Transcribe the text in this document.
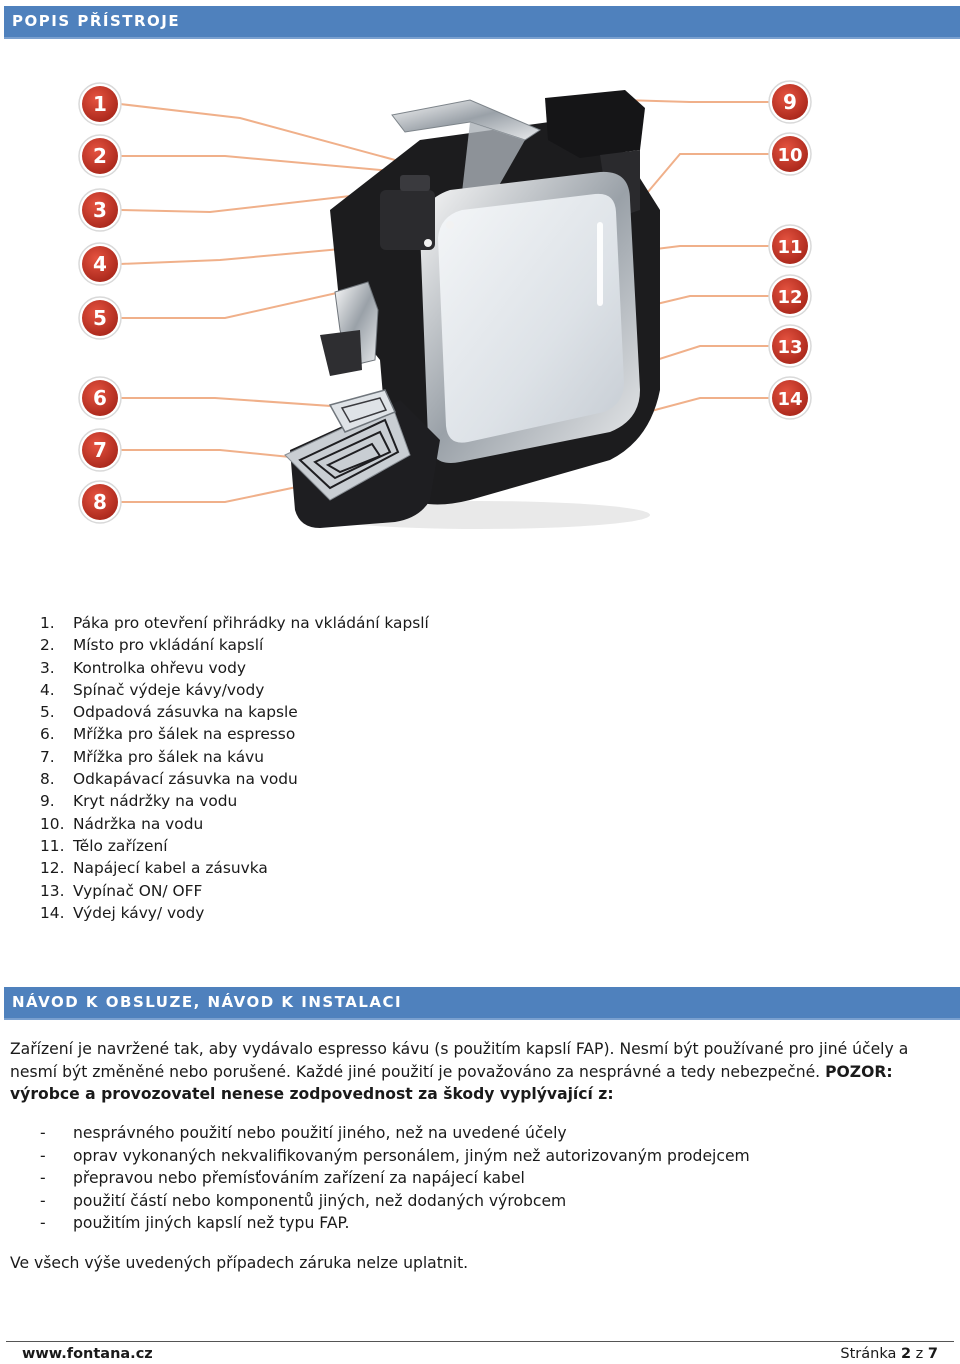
POPIS PŘÍSTROJE
1
2
3
4
5
6
7
8
9
10
11
12
13
14
1. Páka pro otevření přihrádky na vkládání kapslí
2. Místo pro vkládání kapslí
3. Kontrolka ohřevu vody
4. Spínač výdeje kávy/vody
5. Odpadová zásuvka na kapsle
6. Mřížka pro šálek na espresso
7. Mřížka pro šálek na kávu
8. Odkapávací zásuvka na vodu
9. Kryt nádržky na vodu
10. Nádržka na vodu
11. Tělo zařízení
12. Napájecí kabel a zásuvka
13. Vypínač ON/ OFF
14. Výdej kávy/ vody
NÁVOD K OBSLUZE, NÁVOD K INSTALACI

Zařízení je navržené tak, aby vydávalo espresso kávu (s použitím kapslí FAP). Nesmí být používané pro jiné účely a nesmí být změněné nebo porušené. Každé jiné použití je považováno za nesprávné a tedy nebezpečné. POZOR: výrobce a provozovatel nenese zodpovednost za škody vyplývající z:

- nesprávného použití nebo použití jiného, než na uvedené účely
- oprav vykonaných nekvalifikovaným personálem, jiným než autorizovaným prodejcem
- přepravou nebo přemísťováním zařízení za napájecí kabel
- použití částí nebo komponentů jiných, než dodaných výrobcem
- použitím jiných kapslí než typu FAP.

Ve všech výše uvedených případech záruka nelze uplatnit.

www.fontana.cz	Stránka 2 z 7
